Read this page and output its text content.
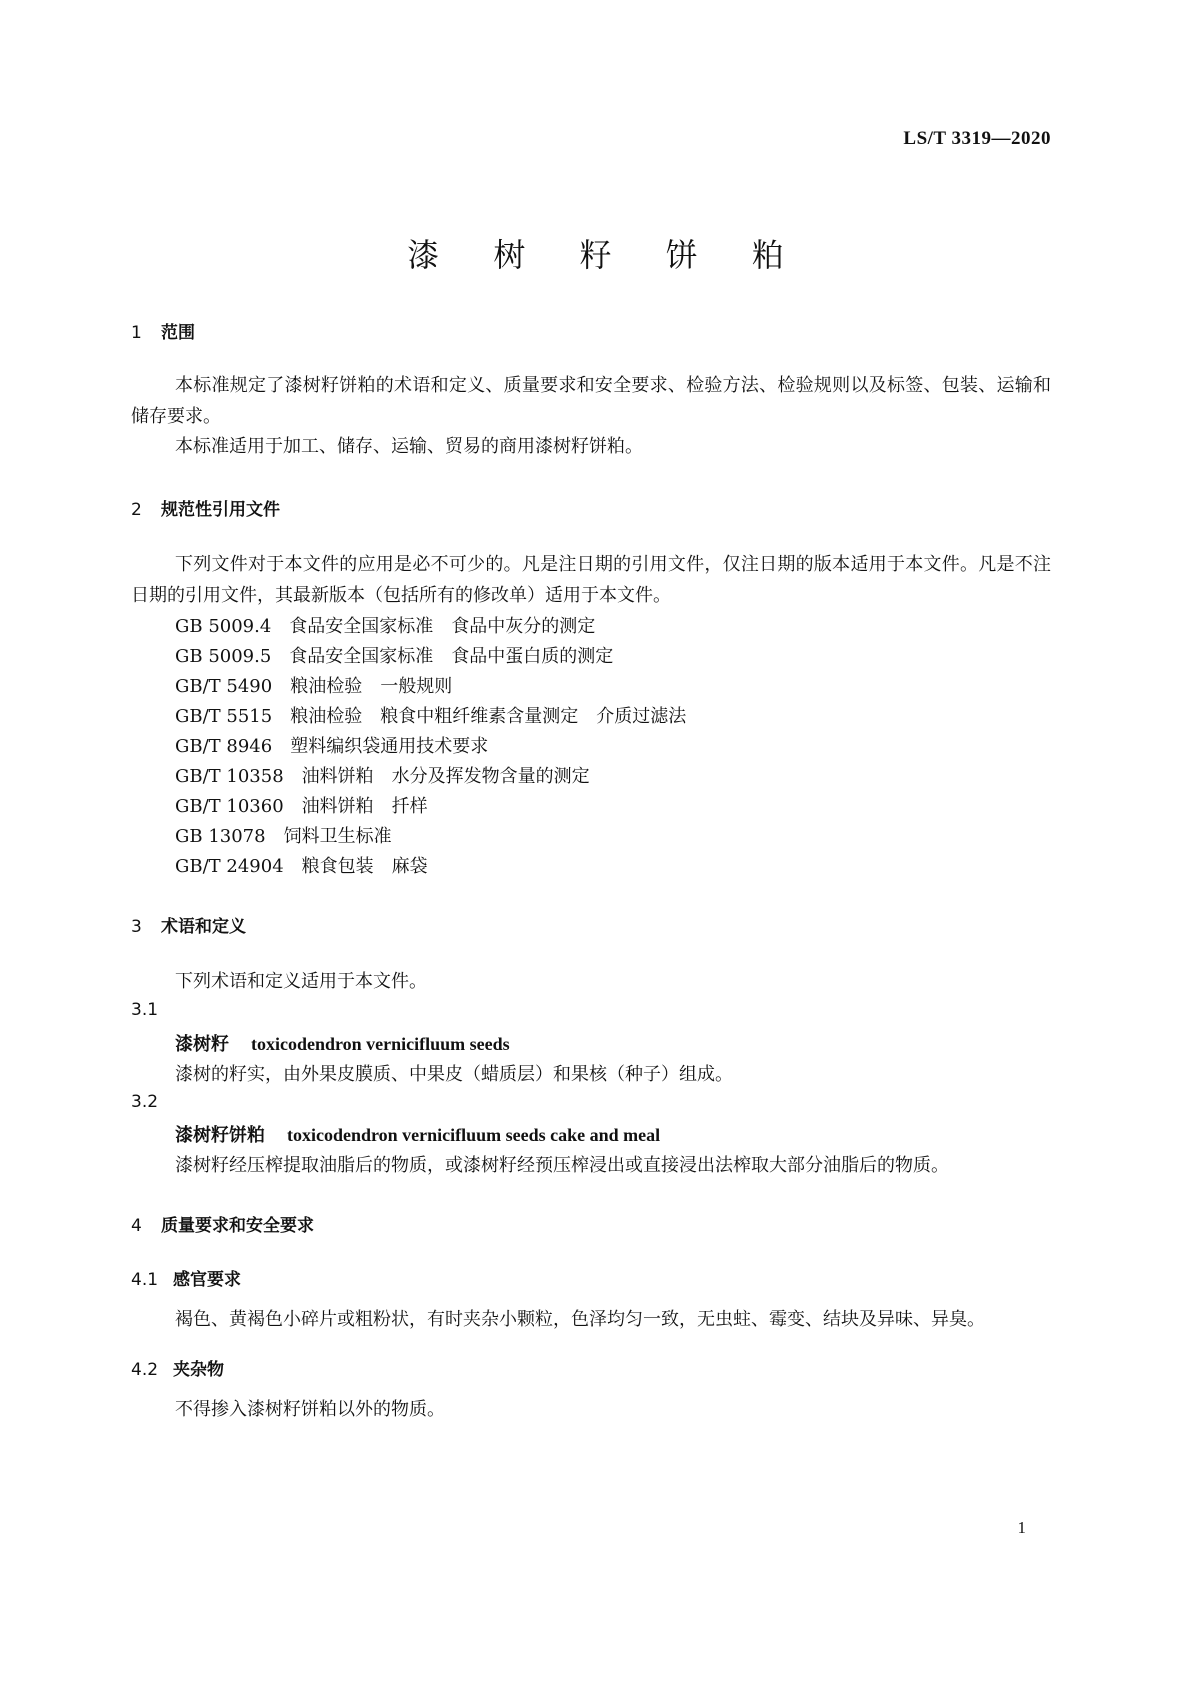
LS/T 3319—2020
漆 树 籽 饼 粕
1 范围
本标准规定了漆树籽饼粕的术语和定义、质量要求和安全要求、检验方法、检验规则以及标签、包装、运输和储存要求。
本标准适用于加工、储存、运输、贸易的商用漆树籽饼粕。
2 规范性引用文件
下列文件对于本文件的应用是必不可少的。凡是注日期的引用文件，仅注日期的版本适用于本文件。凡是不注日期的引用文件，其最新版本（包括所有的修改单）适用于本文件。
GB 5009.4　食品安全国家标准　食品中灰分的测定
GB 5009.5　食品安全国家标准　食品中蛋白质的测定
GB/T 5490　粮油检验　一般规则
GB/T 5515　粮油检验　粮食中粗纤维素含量测定　介质过滤法
GB/T 8946　塑料编织袋通用技术要求
GB/T 10358　油料饼粕　水分及挥发物含量的测定
GB/T 10360　油料饼粕　扦样
GB 13078　饲料卫生标准
GB/T 24904　粮食包装　麻袋
3 术语和定义
下列术语和定义适用于本文件。
3.1
漆树籽 toxicodendron vernicifluum seeds
漆树的籽实，由外果皮膜质、中果皮（蜡质层）和果核（种子）组成。
3.2
漆树籽饼粕 toxicodendron vernicifluum seeds cake and meal
漆树籽经压榨提取油脂后的物质，或漆树籽经预压榨浸出或直接浸出法榨取大部分油脂后的物质。
4 质量要求和安全要求
4.1 感官要求
褐色、黄褐色小碎片或粗粉状，有时夹杂小颗粒，色泽均匀一致，无虫蛀、霉变、结块及异味、异臭。
4.2 夹杂物
不得掺入漆树籽饼粕以外的物质。
1
